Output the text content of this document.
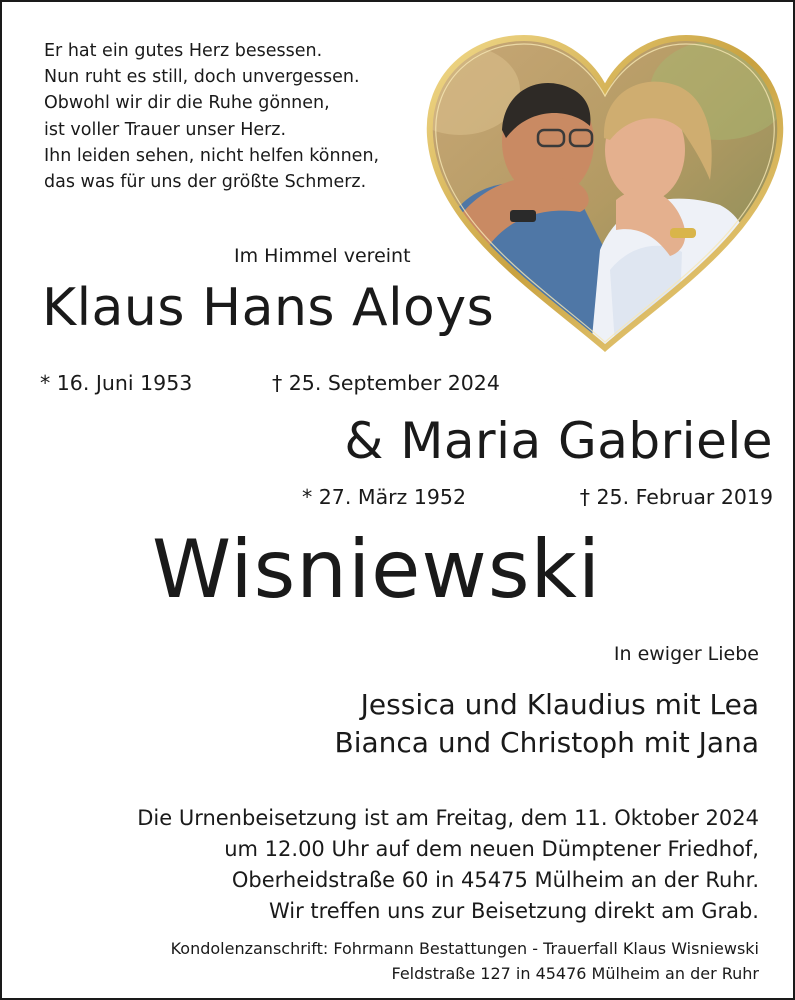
Er hat ein gutes Herz besessen.
Nun ruht es still, doch unvergessen.
Obwohl wir dir die Ruhe gönnen,
ist voller Trauer unser Herz.
Ihn leiden sehen, nicht helfen können,
das was für uns der größte Schmerz.
Im Himmel vereint
Klaus Hans Aloys
* 16. Juni 1953	† 25. September 2024
& Maria Gabriele
* 27. März 1952	† 25. Februar 2019
Wisniewski
In ewiger Liebe
Jessica und Klaudius mit Lea
Bianca und Christoph mit Jana
Die Urnenbeisetzung ist am Freitag, dem 11. Oktober 2024
um 12.00 Uhr auf dem neuen Dümptener Friedhof,
Oberheidstraße 60 in 45475 Mülheim an der Ruhr.
Wir treffen uns zur Beisetzung direkt am Grab.
Kondolenzanschrift: Fohrmann Bestattungen - Trauerfall Klaus Wisniewski
Feldstraße 127 in 45476 Mülheim an der Ruhr
